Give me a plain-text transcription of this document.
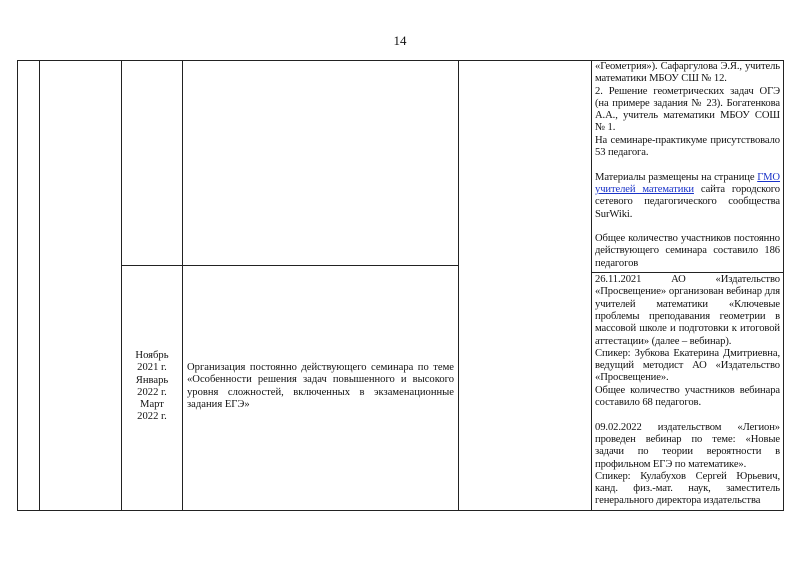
14

«Геометрия»). Сафаргулова Э.Я., учитель математики МБОУ СШ № 12.

2. Решение геометрических задач ОГЭ (на примере задания № 23). Богатенкова А.А., учитель математики МБОУ СОШ № 1.

На семинаре-практикуме присутствовало 53 педагога.

Материалы размещены на странице ГМО учителей математики сайта городского сетевого педагогического сообщества SurWiki.

Общее количество участников постоянно действующего семинара составило 186 педагогов

26.11.2021 АО «Издательство «Просвещение» организован вебинар для учителей математики «Ключевые проблемы преподавания геометрии в массовой школе и подготовки к итоговой аттестации» (далее – вебинар).

Спикер: Зубкова Екатерина Дмитриевна, ведущий методист АО «Издательство «Просвещение».

Общее количество участников вебинара составило 68 педагогов.

09.02.2022 издательством «Легион» проведен вебинар по теме: «Новые задачи по теории вероятности в профильном ЕГЭ по математике».

Спикер: Кулабухов Сергей Юрьевич, канд. физ.-мат. наук, заместитель генерального директора издательства

Ноябрь

2021 г.

Январь

2022 г.

Март

2022 г.

Организация постоянно действующего семинара по теме «Особенности решения задач повышенного и высокого уровня сложностей, включенных в экзаменационные задания ЕГЭ»
